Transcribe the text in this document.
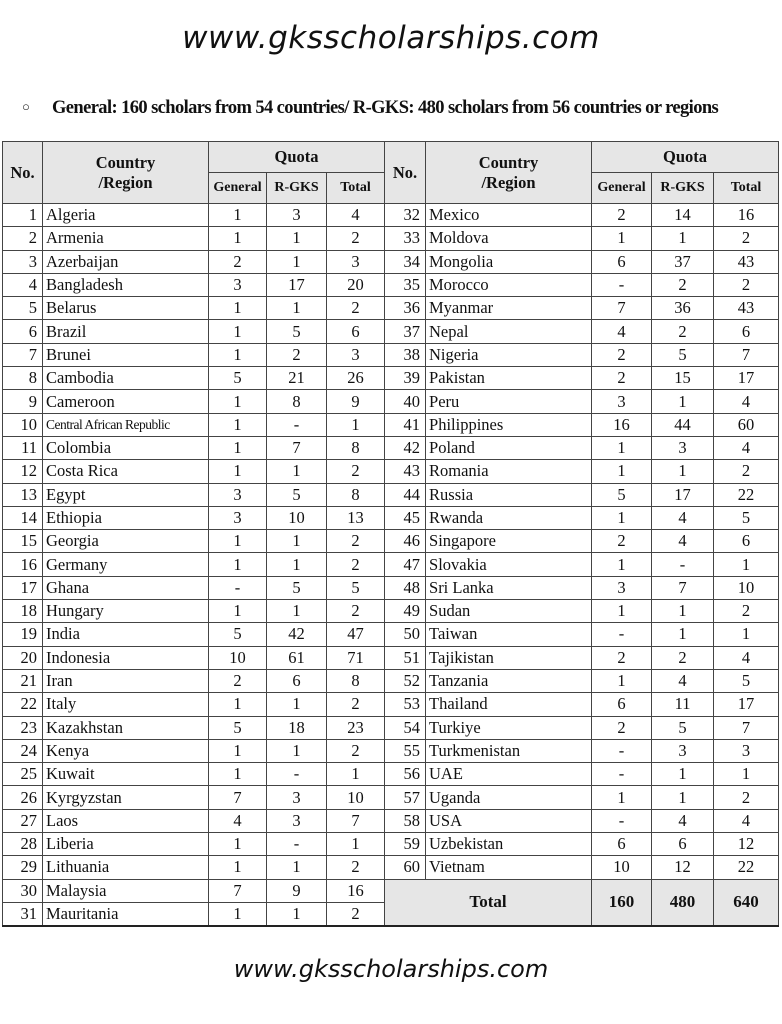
www.gksscholarships.com
○ General: 160 scholars from 54 countries/ R-GKS: 480 scholars from 56 countries or regions
No.	Country /Region	Quota			No.	Country /Region	Quota		
		General	R-GKS	Total			General	R-GKS	Total
1	Algeria	1	3	4	32	Mexico	2	14	16
2	Armenia	1	1	2	33	Moldova	1	1	2
3	Azerbaijan	2	1	3	34	Mongolia	6	37	43
4	Bangladesh	3	17	20	35	Morocco	-	2	2
5	Belarus	1	1	2	36	Myanmar	7	36	43
6	Brazil	1	5	6	37	Nepal	4	2	6
7	Brunei	1	2	3	38	Nigeria	2	5	7
8	Cambodia	5	21	26	39	Pakistan	2	15	17
9	Cameroon	1	8	9	40	Peru	3	1	4
10	Central African Republic	1	-	1	41	Philippines	16	44	60
11	Colombia	1	7	8	42	Poland	1	3	4
12	Costa Rica	1	1	2	43	Romania	1	1	2
13	Egypt	3	5	8	44	Russia	5	17	22
14	Ethiopia	3	10	13	45	Rwanda	1	4	5
15	Georgia	1	1	2	46	Singapore	2	4	6
16	Germany	1	1	2	47	Slovakia	1	-	1
17	Ghana	-	5	5	48	Sri Lanka	3	7	10
18	Hungary	1	1	2	49	Sudan	1	1	2
19	India	5	42	47	50	Taiwan	-	1	1
20	Indonesia	10	61	71	51	Tajikistan	2	2	4
21	Iran	2	6	8	52	Tanzania	1	4	5
22	Italy	1	1	2	53	Thailand	6	11	17
23	Kazakhstan	5	18	23	54	Turkiye	2	5	7
24	Kenya	1	1	2	55	Turkmenistan	-	3	3
25	Kuwait	1	-	1	56	UAE	-	1	1
26	Kyrgyzstan	7	3	10	57	Uganda	1	1	2
27	Laos	4	3	7	58	USA	-	4	4
28	Liberia	1	-	1	59	Uzbekistan	6	6	12
29	Lithuania	1	1	2	60	Vietnam	10	12	22
30	Malaysia	7	9	16	Total		160	480	640
31	Mauritania	1	1	2					
www.gksscholarships.com
